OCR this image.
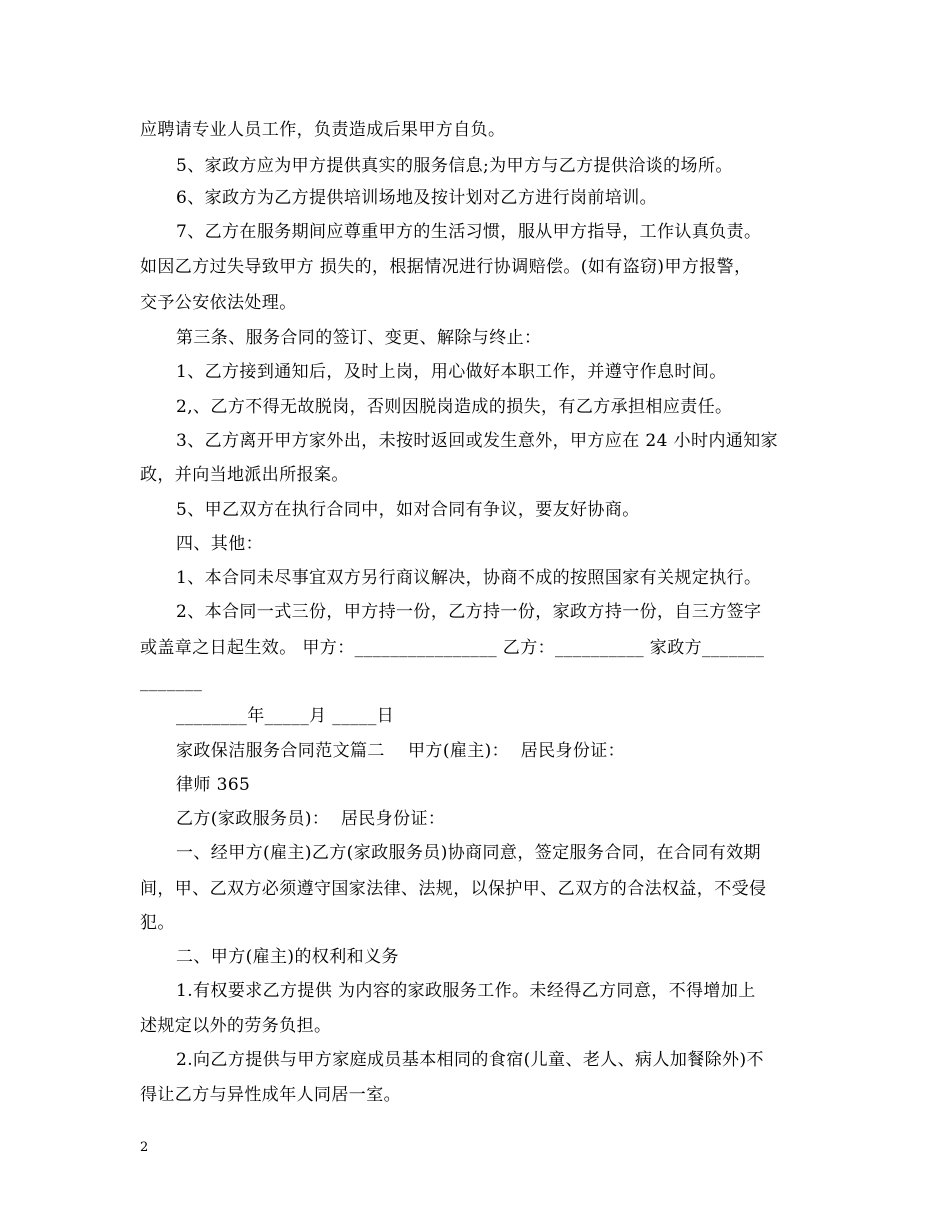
应聘请专业人员工作，负责造成后果甲方自负。
5、家政方应为甲方提供真实的服务信息;为甲方与乙方提供洽谈的场所。
6、家政方为乙方提供培训场地及按计划对乙方进行岗前培训。
7、乙方在服务期间应尊重甲方的生活习惯，服从甲方指导，工作认真负责。
如因乙方过失导致甲方 损失的，根据情况进行协调赔偿。(如有盗窃)甲方报警，
交予公安依法处理。
第三条、服务合同的签订、变更、解除与终止：
1、乙方接到通知后，及时上岗，用心做好本职工作，并遵守作息时间。
2,、乙方不得无故脱岗，否则因脱岗造成的损失，有乙方承担相应责任。
3、乙方离开甲方家外出，未按时返回或发生意外，甲方应在 24 小时内通知家
政，并向当地派出所报案。
5、甲乙双方在执行合同中，如对合同有争议，要友好协商。
四、其他：
1、本合同未尽事宜双方另行商议解决，协商不成的按照国家有关规定执行。
2、本合同一式三份，甲方持一份，乙方持一份，家政方持一份，自三方签字
或盖章之日起生效。 甲方：________________ 乙方：__________ 家政方_______
_______
________年_____月 _____日
家政保洁服务合同范文篇二    甲方(雇主)：  居民身份证：
律师 365
乙方(家政服务员)：  居民身份证：
一、经甲方(雇主)乙方(家政服务员)协商同意，签定服务合同，在合同有效期
间，甲、乙双方必须遵守国家法律、法规，以保护甲、乙双方的合法权益，不受侵
犯。
二、甲方(雇主)的权利和义务
1.有权要求乙方提供 为内容的家政服务工作。未经得乙方同意，不得增加上
述规定以外的劳务负担。
2.向乙方提供与甲方家庭成员基本相同的食宿(儿童、老人、病人加餐除外)不
得让乙方与异性成年人同居一室。
2
